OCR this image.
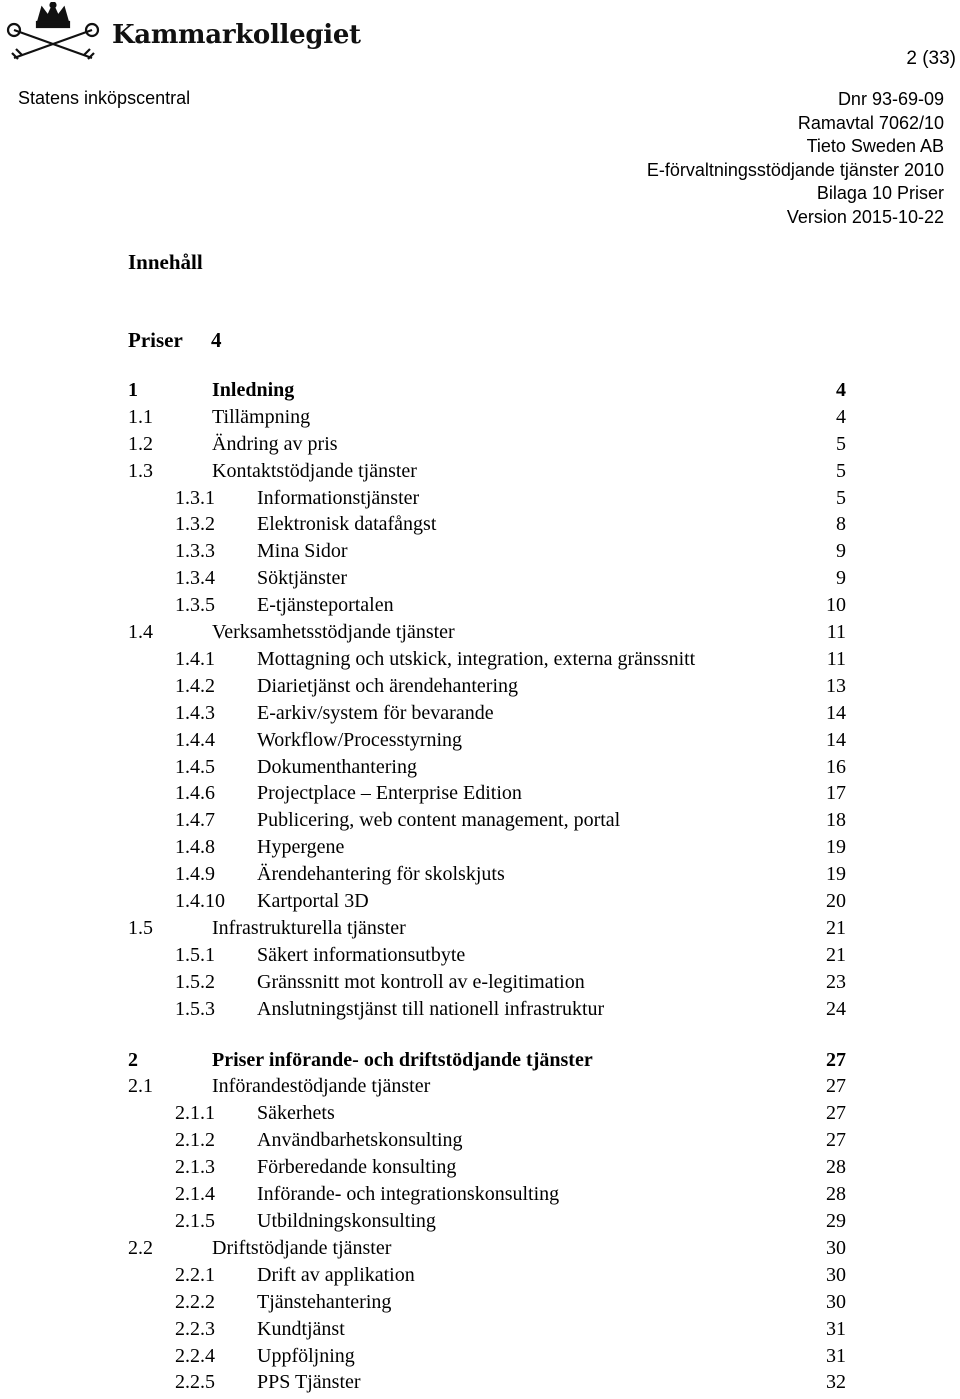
Kammarkollegiet
2 (33)
Statens inköpscentral	Dnr 93-69-09
Ramavtal 7062/10
Tieto Sweden AB
E-förvaltningsstödjande tjänster 2010
Bilaga 10 Priser
Version 2015-10-22
Innehåll
Priser 4
1	Inledning	4
1.1	Tillämpning	4
1.2	Ändring av pris	5
1.3	Kontaktstödjande tjänster	5
1.3.1 Informationstjänster	5
1.3.2 Elektronisk datafångst	8
1.3.3 Mina Sidor	9
1.3.4 Söktjänster	9
1.3.5 E-tjänsteportalen	10
1.4	Verksamhetsstödjande tjänster	11
1.4.1 Mottagning och utskick, integration, externa gränssnitt	11
1.4.2 Diarietjänst och ärendehantering	13
1.4.3 E-arkiv/system för bevarande	14
1.4.4 Workflow/Processtyrning	14
1.4.5 Dokumenthantering	16
1.4.6 Projectplace – Enterprise Edition	17
1.4.7 Publicering, web content management, portal	18
1.4.8 Hypergene	19
1.4.9 Ärendehantering för skolskjuts	19
1.4.10 Kartportal 3D	20
1.5	Infrastrukturella tjänster	21
1.5.1 Säkert informationsutbyte	21
1.5.2 Gränssnitt mot kontroll av e-legitimation	23
1.5.3 Anslutningstjänst till nationell infrastruktur	24
2	Priser införande- och driftstödjande tjänster	27
2.1	Införandestödjande tjänster	27
2.1.1 Säkerhets	27
2.1.2 Användbarhetskonsulting	27
2.1.3 Förberedande konsulting	28
2.1.4 Införande- och integrationskonsulting	28
2.1.5 Utbildningskonsulting	29
2.2	Driftstödjande tjänster	30
2.2.1 Drift av applikation	30
2.2.2 Tjänstehantering	30
2.2.3 Kundtjänst	31
2.2.4 Uppföljning	31
2.2.5 PPS Tjänster	32
